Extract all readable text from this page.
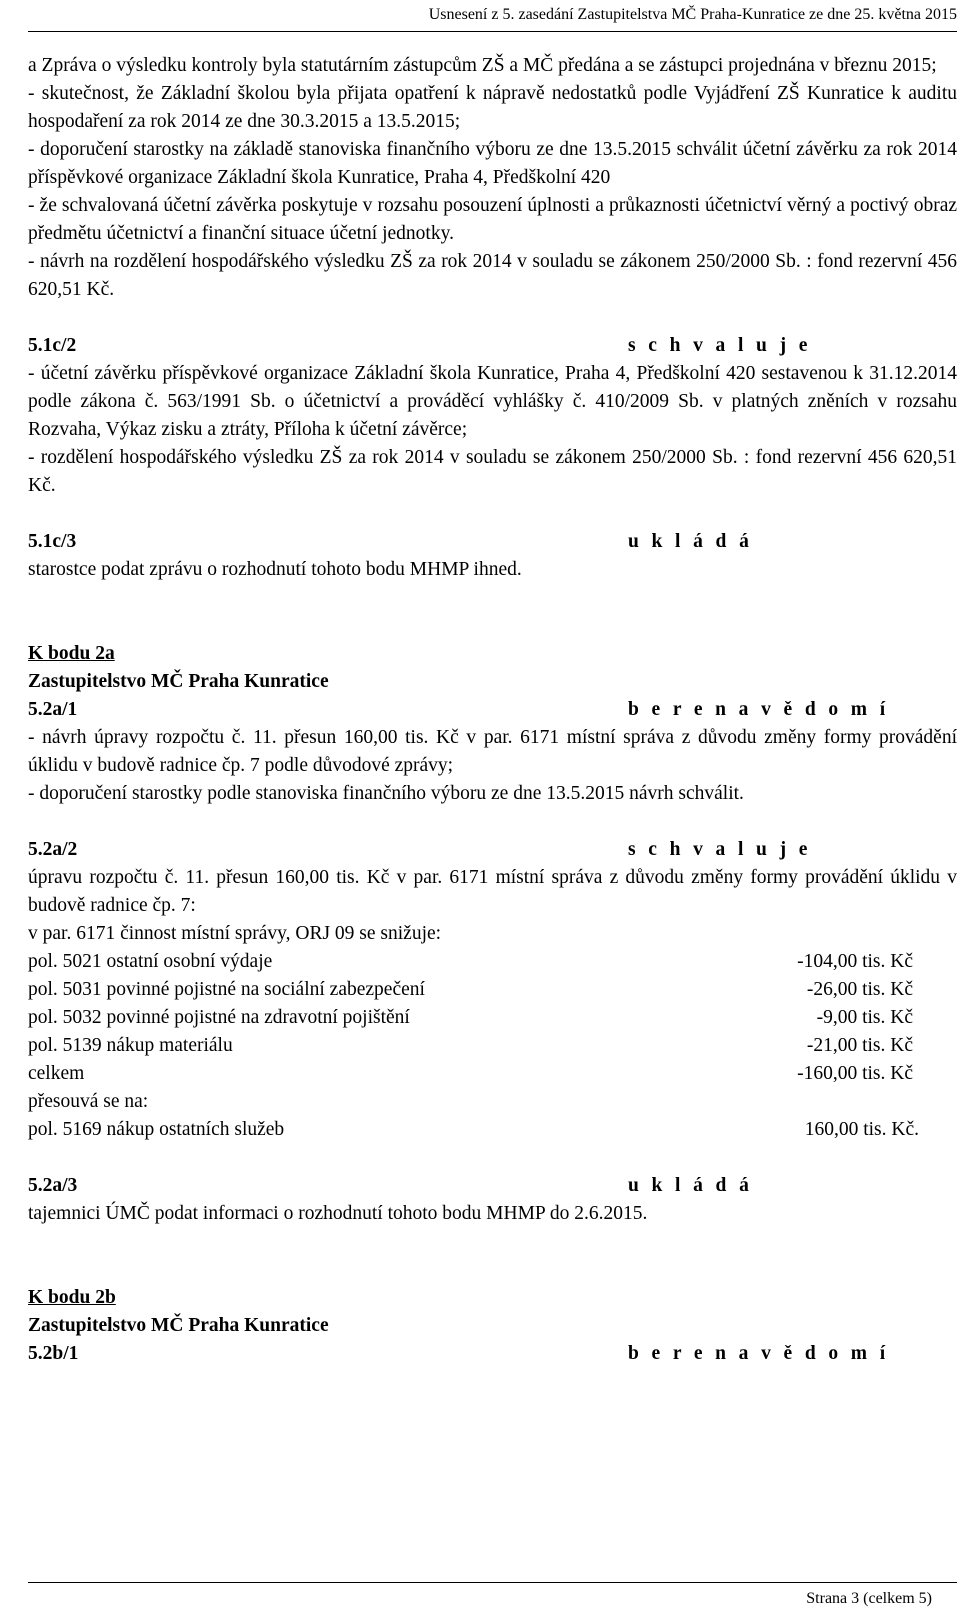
Usnesení z 5. zasedání Zastupitelstva MČ Praha-Kunratice ze dne 25. května 2015

a Zpráva o výsledku kontroly byla statutárním zástupcům ZŠ a MČ předána a se zástupci projednána v březnu 2015;

- skutečnost, že Základní školou byla přijata opatření k nápravě nedostatků podle Vyjádření ZŠ Kunratice k auditu hospodaření za rok 2014 ze dne 30.3.2015 a 13.5.2015;

- doporučení starostky na základě stanoviska finančního výboru ze dne 13.5.2015 schválit účetní závěrku za rok 2014 příspěvkové organizace Základní škola Kunratice, Praha 4, Předškolní 420

- že schvalovaná účetní závěrka poskytuje v rozsahu posouzení úplnosti a průkaznosti účetnictví věrný a poctivý obraz předmětu účetnictví a finanční situace účetní jednotky.

- návrh na rozdělení hospodářského výsledku ZŠ za rok 2014 v souladu se zákonem 250/2000 Sb. : fond rezervní 456 620,51 Kč.

5.1c/2	s c h v a l u j e

- účetní závěrku příspěvkové organizace Základní škola Kunratice, Praha 4, Předškolní 420 sestavenou k 31.12.2014 podle zákona č. 563/1991 Sb. o účetnictví a prováděcí vyhlášky č. 410/2009 Sb. v platných zněních v rozsahu Rozvaha, Výkaz zisku a ztráty, Příloha k účetní závěrce;

- rozdělení hospodářského výsledku ZŠ za rok 2014 v souladu se zákonem 250/2000 Sb. : fond rezervní 456 620,51 Kč.

5.1c/3	u k l á d á

starostce podat zprávu o rozhodnutí tohoto bodu MHMP ihned.

K bodu 2a

Zastupitelstvo MČ Praha Kunratice

5.2a/1	b e r e n a v ě d o m í

- návrh úpravy rozpočtu č. 11. přesun 160,00 tis. Kč v par. 6171 místní správa z důvodu změny formy provádění úklidu v budově radnice čp. 7 podle důvodové zprávy;

- doporučení starostky podle stanoviska finančního výboru ze dne 13.5.2015 návrh schválit.

5.2a/2	s c h v a l u j e

úpravu rozpočtu č. 11. přesun 160,00 tis. Kč v par. 6171 místní správa z důvodu změny formy provádění úklidu v budově radnice čp. 7:

v par. 6171 činnost místní správy, ORJ 09 se snižuje:

pol. 5021 ostatní osobní výdaje	-104,00 tis. Kč
pol. 5031 povinné pojistné na sociální zabezpečení	-26,00 tis. Kč
pol. 5032 povinné pojistné na zdravotní pojištění	-9,00 tis. Kč
pol. 5139 nákup materiálu	-21,00 tis. Kč
celkem	-160,00 tis. Kč

přesouvá se na:

pol. 5169 nákup ostatních služeb	160,00 tis. Kč.
5.2a/3	u k l á d á

tajemnici ÚMČ podat informaci o rozhodnutí tohoto bodu MHMP do 2.6.2015.

K bodu 2b

Zastupitelstvo MČ Praha Kunratice

5.2b/1	b e r e n a v ě d o m í
Strana 3 (celkem 5)
